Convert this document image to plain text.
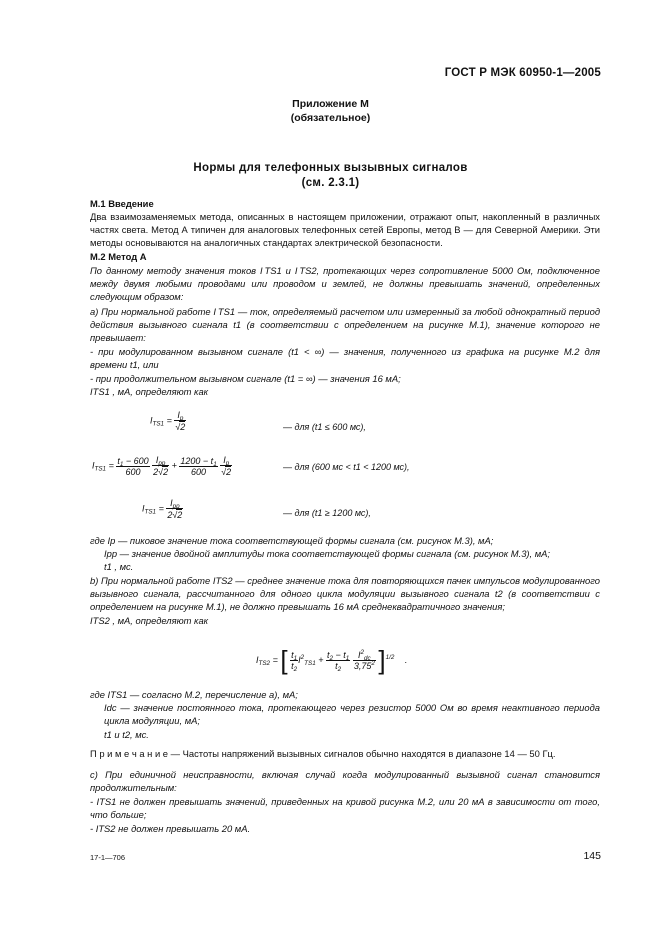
ГОСТ Р МЭК 60950-1—2005
Приложение М
(обязательное)
Нормы для телефонных вызывных сигналов
(см. 2.3.1)
М.1 Введение

Два взаимозаменяемых метода, описанных в настоящем приложении, отражают опыт, накопленный в различных частях света. Метод А типичен для аналоговых телефонных сетей Европы, метод В — для Северной Америки. Эти методы основываются на аналогичных стандартах электрической безопасности.

М.2 Метод А

По данному методу значения токов I TS1 и I TS2, протекающих через сопротивление 5000 Ом, подключенное между двумя любыми проводами или проводом и землей, не должны превышать значений, определенных следующим образом:

a) При нормальной работе I TS1 — ток, определяемый расчетом или измеренный за любой однократный период действия вызывного сигнала t1 (в соответствии с определением на рисунке М.1), значение которого не превышает:

- при модулированном вызывном сигнале (t1 < ∞) — значения, полученного из графика на рисунке М.2 для времени t1, или

- при продолжительном вызывном сигнале (t1 = ∞) — значения 16 мА;

ITS1 , мА, определяют как

$I_{TS1} = \frac{I_p}{√2}$	— для (t1 ≤ 600 мс),
$I_{TS1} = \frac{t_1 - 600}{600}$
$\frac{I_{pp}}{2√2} + \frac{1200 - t_1}{600}$
$\frac{I_p}{√2}$	— для (600 мс < t1 < 1200 мс),
$I_{TS1} = \frac{I_{pp}}{2√2}$	— для (t1 ≥ 1200 мс),

где Ip — пиковое значение тока соответствующей формы сигнала (см. рисунок М.3), мА;

Ipp — значение двойной амплитуды тока соответствующей формы сигнала (см. рисунок М.3), мА;

t1 , мс.

b) При нормальной работе ITS2 — среднее значение тока для повторяющихся пачек импульсов модулированного вызывного сигнала, рассчитанного для одного цикла модуляции вызывного сигнала t2 (в соответствии с определением на рисунке М.1), не должно превышать 16 мА среднеквадратичного значения;

ITS2 , мА, определяют как

$I_{TS2}$ = [ $\frac{t_1}{t_2} I^2_{TS1} + \frac{t_2 - t_1}{t_2}$
$\frac{I^2_{dc}}{3,75^2} ]^{1/2}$ .

где ITS1 — согласно М.2, перечисление а), мА;

Idc — значение постоянного тока, протекающего через резистор 5000 Ом во время неактивного периода цикла модуляции, мА;

t1 и t2, мс.

П р и м е ч а н и е — Частоты напряжений вызывных сигналов обычно находятся в диапазоне 14 — 50 Гц.

с) При единичной неисправности, включая случай когда модулированный вызывной сигнал становится продолжительным:

- ITS1 не должен превышать значений, приведенных на кривой рисунка М.2, или 20 мА в зависимости от того, что больше;

- ITS2 не должен превышать 20 мА.

17-1—706	145
